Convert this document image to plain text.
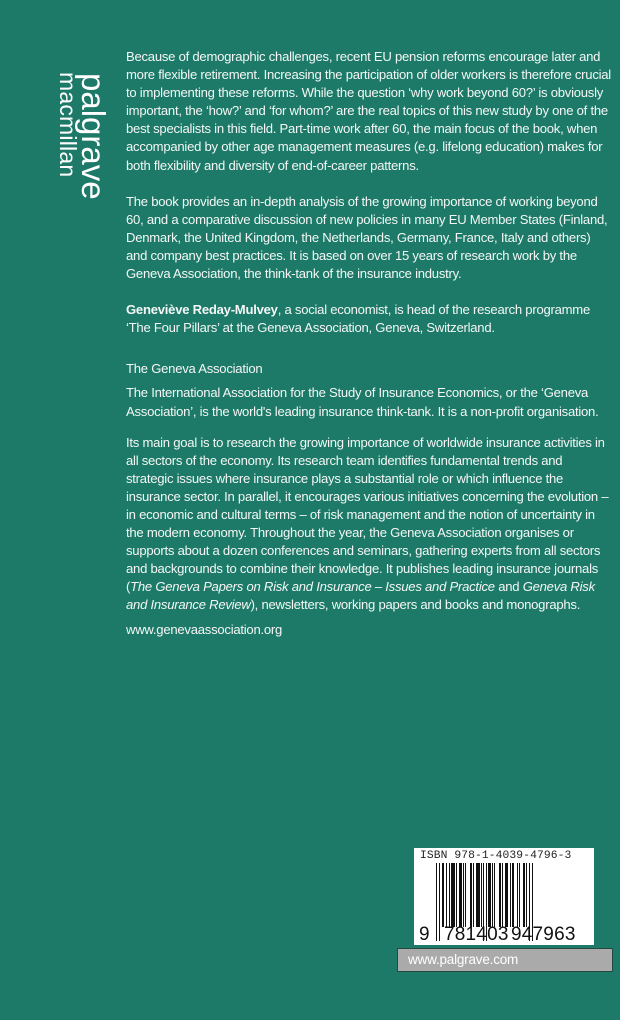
palgrave
macmillan

Because of demographic challenges, recent EU pension reforms encourage later and more flexible retirement. Increasing the participation of older workers is therefore crucial to implementing these reforms. While the question ‘why work beyond 60?’ is obviously important, the ‘how?’ and ‘for whom?’ are the real topics of this new study by one of the best specialists in this field. Part-time work after 60, the main focus of the book, when accompanied by other age management measures (e.g. lifelong education) makes for both flexibility and diversity of end-of-career patterns.

The book provides an in-depth analysis of the growing importance of working beyond 60, and a comparative discussion of new policies in many EU Member States (Finland, Denmark, the United Kingdom, the Netherlands, Germany, France, Italy and others) and company best practices. It is based on over 15 years of research work by the Geneva Association, the think-tank of the insurance industry.

Geneviève Reday-Mulvey, a social economist, is head of the research programme ‘The Four Pillars’ at the Geneva Association, Geneva, Switzerland.

The Geneva Association

The International Association for the Study of Insurance Economics, or the ‘Geneva Association’, is the world's leading insurance think-tank. It is a non-profit organisation.

Its main goal is to research the growing importance of worldwide insurance activities in all sectors of the economy. Its research team identifies fundamental trends and strategic issues where insurance plays a substantial role or which influence the insurance sector. In parallel, it encourages various initiatives concerning the evolution – in economic and cultural terms – of risk management and the notion of uncertainty in the modern economy. Throughout the year, the Geneva Association organises or supports about a dozen conferences and seminars, gathering experts from all sectors and backgrounds to combine their knowledge. It publishes leading insurance journals (The Geneva Papers on Risk and Insurance – Issues and Practice and Geneva Risk and Insurance Review), newsletters, working papers and books and monographs.

www.genevaassociation.org

ISBN 978-1-4039-4796-3
9 781403 947963
www.palgrave.com
